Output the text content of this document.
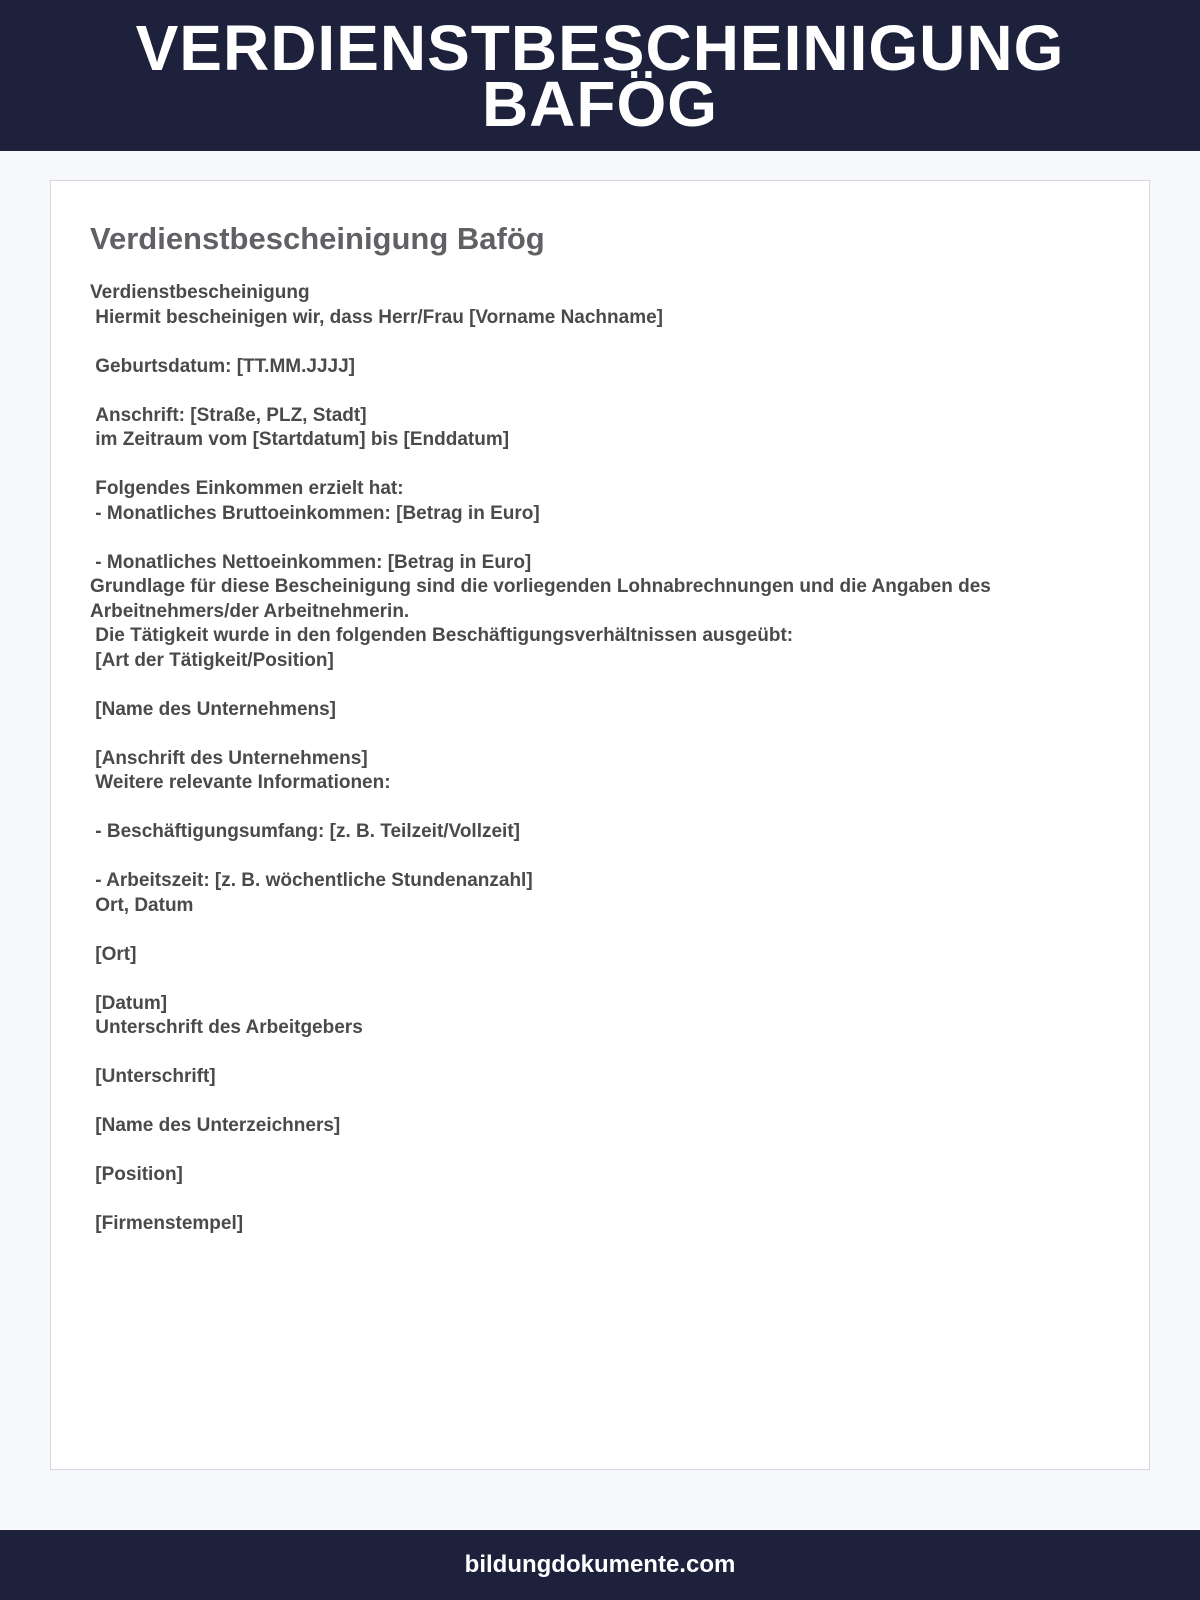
VERDIENSTBESCHEINIGUNG
BAFÖG
Verdienstbescheinigung Bafög
Verdienstbescheinigung
Hiermit bescheinigen wir, dass Herr/Frau [Vorname Nachname]

Geburtsdatum: [TT.MM.JJJJ]

Anschrift: [Straße, PLZ, Stadt]
im Zeitraum vom [Startdatum] bis [Enddatum]

Folgendes Einkommen erzielt hat:
- Monatliches Bruttoeinkommen: [Betrag in Euro]

- Monatliches Nettoeinkommen: [Betrag in Euro]
Grundlage für diese Bescheinigung sind die vorliegenden Lohnabrechnungen und die Angaben des Arbeitnehmers/der Arbeitnehmerin.
Die Tätigkeit wurde in den folgenden Beschäftigungsverhältnissen ausgeübt:
[Art der Tätigkeit/Position]

[Name des Unternehmens]

[Anschrift des Unternehmens]
Weitere relevante Informationen:

- Beschäftigungsumfang: [z. B. Teilzeit/Vollzeit]

- Arbeitszeit: [z. B. wöchentliche Stundenanzahl]
Ort, Datum

[Ort]

[Datum]
Unterschrift des Arbeitgebers

[Unterschrift]

[Name des Unterzeichners]

[Position]

[Firmenstempel]
bildungdokumente.com
